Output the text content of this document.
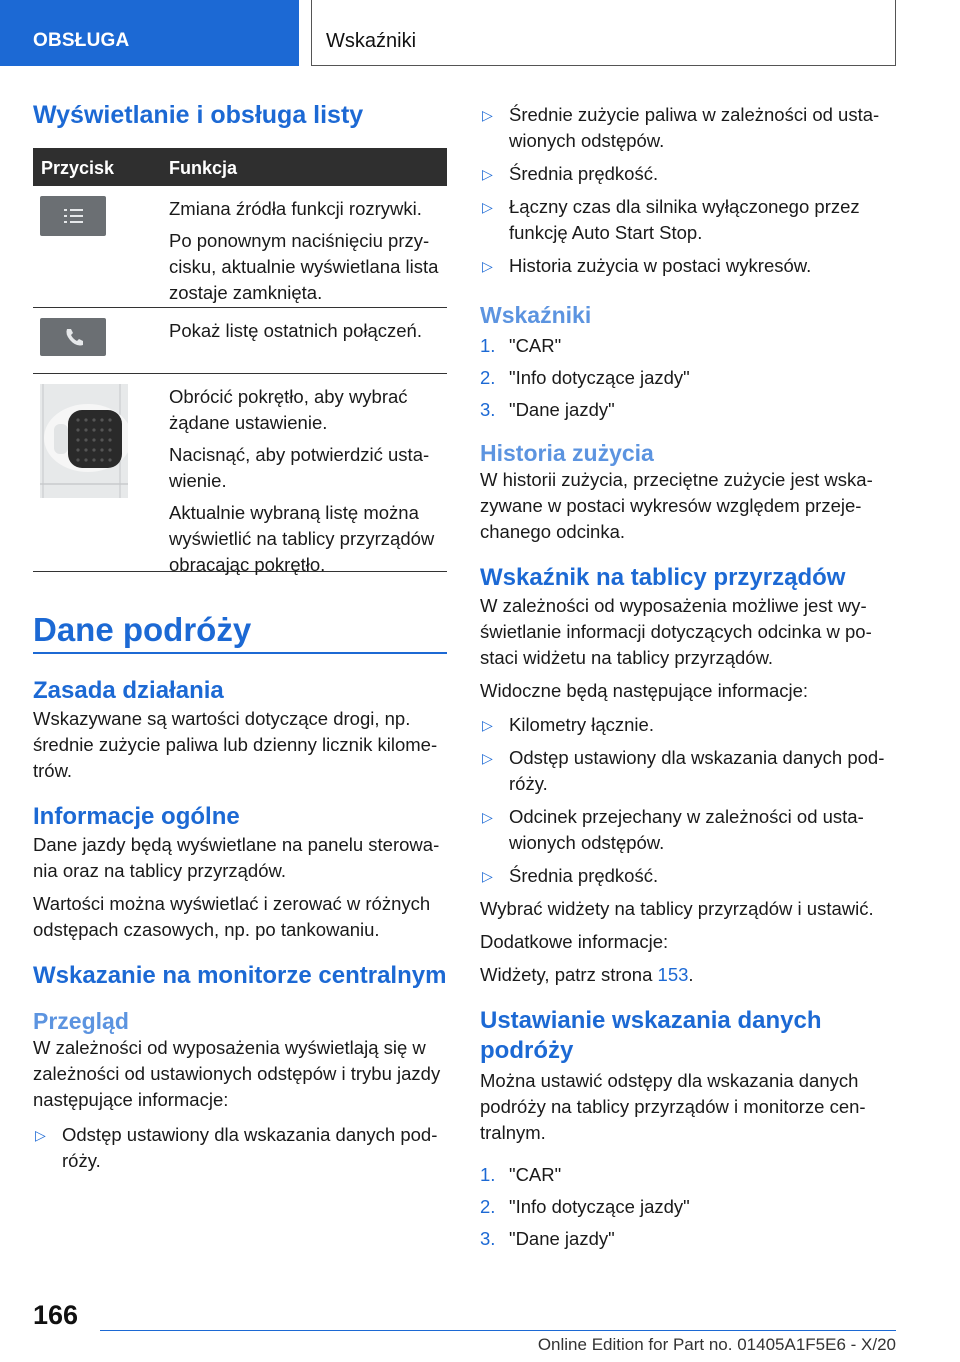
OBSŁUGA	Wskaźniki
Wyświetlanie i obsługa listy
Przycisk	Funkcja

Zmiana źródła funkcji rozrywki.

Po ponownym naciśnięciu przycisku, aktualnie wyświetlana lista zostaje zamknięta.

Pokaż listę ostatnich połączeń.

Obrócić pokrętło, aby wybrać żądane ustawienie.

Nacisnąć, aby potwierdzić ustawienie.

Aktualnie wybraną listę można wyświetlić na tablicy przyrządów obracając pokrętło.

Dane podróży
Zasada działania

Wskazywane są wartości dotyczące drogi, np. średnie zużycie paliwa lub dzienny licznik kilometrów.

Informacje ogólne

Dane jazdy będą wyświetlane na panelu sterowania oraz na tablicy przyrządów.

Wartości można wyświetlać i zerować w różnych odstępach czasowych, np. po tankowaniu.

Wskazanie na monitorze centralnym
Przegląd

W zależności od wyposażenia wyświetlają się w zależności od ustawionych odstępów i trybu jazdy następujące informacje:

▷ Odstęp ustawiony dla wskazania danych podróży.
▷ Średnie zużycie paliwa w zależności od ustawionych odstępów.
▷ Średnia prędkość.
▷ Łączny czas dla silnika wyłączonego przez funkcję Auto Start Stop.
▷ Historia zużycia w postaci wykresów.
Wskaźniki
1. "CAR"
2. "Info dotyczące jazdy"
3. "Dane jazdy"
Historia zużycia

W historii zużycia, przeciętne zużycie jest wskazywane w postaci wykresów względem przejechanego odcinka.

Wskaźnik na tablicy przyrządów

W zależności od wyposażenia możliwe jest wyświetlanie informacji dotyczących odcinka w postaci widżetu na tablicy przyrządów.

Widoczne będą następujące informacje:

▷ Kilometry łącznie.
▷ Odstęp ustawiony dla wskazania danych podróży.
▷ Odcinek przejechany w zależności od ustawionych odstępów.
▷ Średnia prędkość.

Wybrać widżety na tablicy przyrządów i ustawić.

Dodatkowe informacje:

Widżety, patrz strona 153.

Ustawianie wskazania danych podróży

Można ustawić odstępy dla wskazania danych podróży na tablicy przyrządów i monitorze centralnym.

1. "CAR"
2. "Info dotyczące jazdy"
3. "Dane jazdy"
166
Online Edition for Part no. 01405A1F5E6 - X/20
